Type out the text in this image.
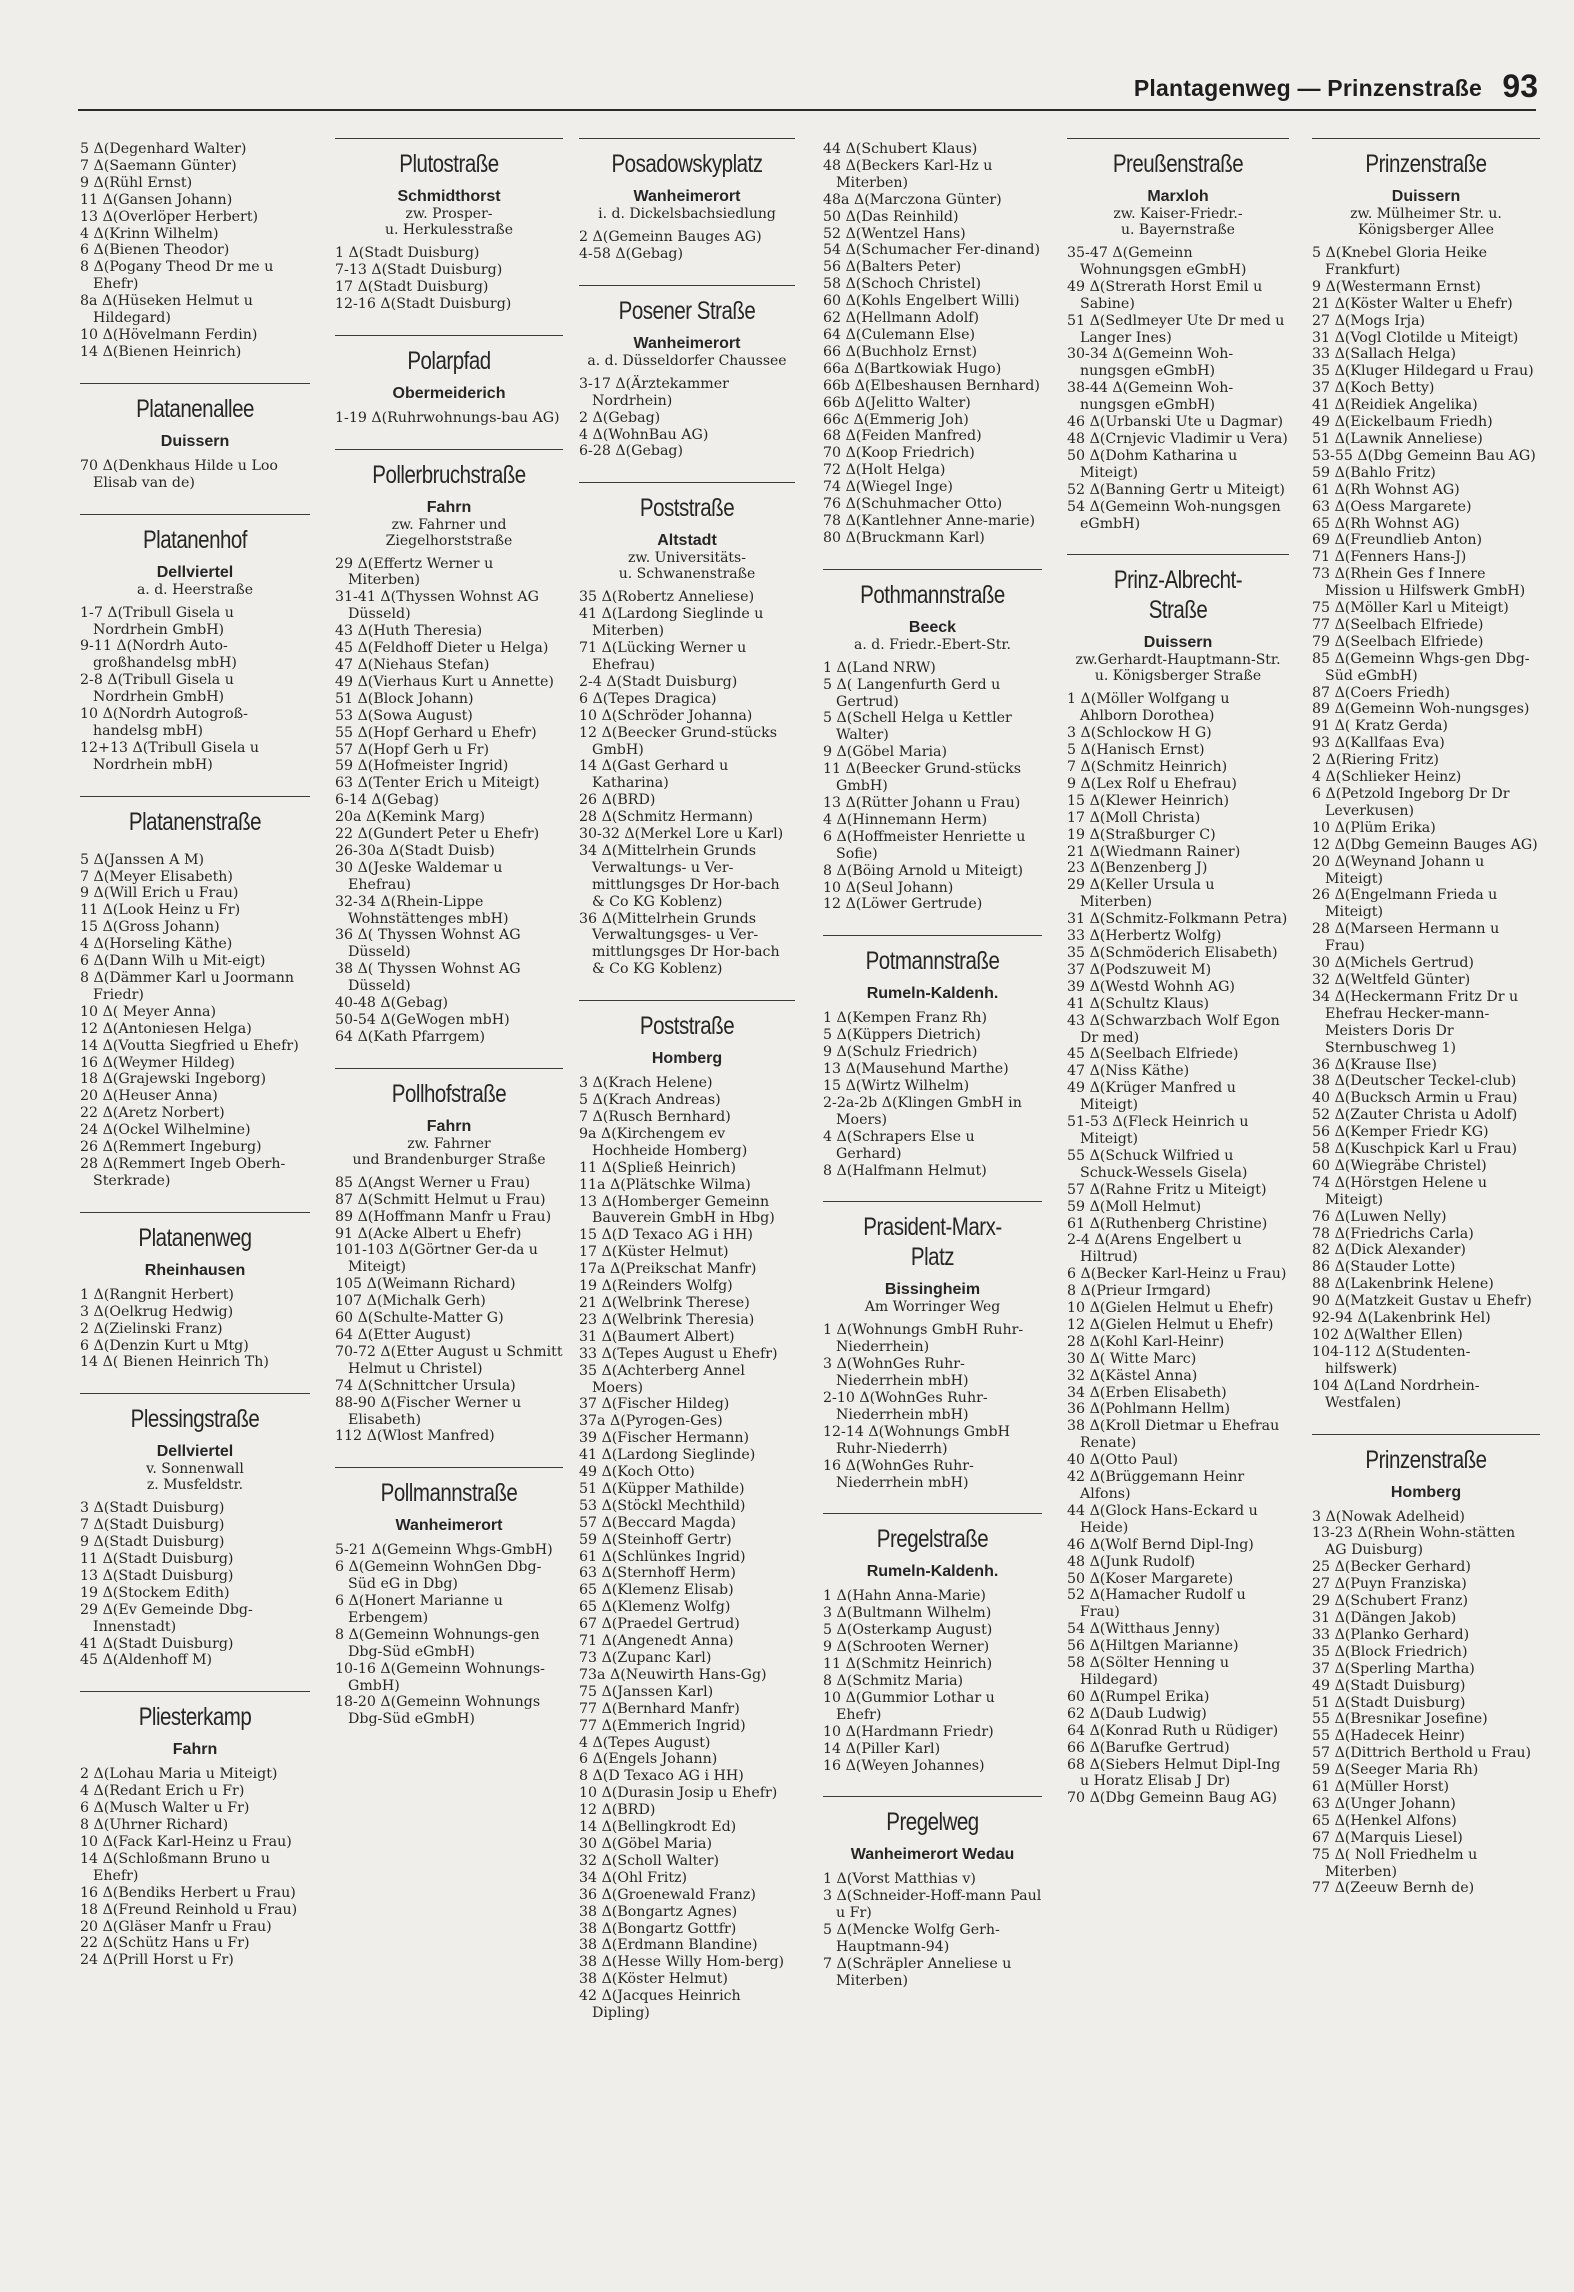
Plantagenweg — Prinzenstraße 93
5 Δ(Degenhard Walter)
7 Δ(Saemann Günter)
9 Δ(Rühl Ernst)
11 Δ(Gansen Johann)
13 Δ(Overlöper Herbert)
4 Δ(Krinn Wilhelm)
6 Δ(Bienen Theodor)
8 Δ(Pogany Theod Dr me u Ehefr)
8a Δ(Hüseken Helmut u Hildegard)
10 Δ(Hövelmann Ferdin)
14 Δ(Bienen Heinrich)
Platanenallee
Duissern
70 Δ(Denkhaus Hilde u Loo Elisab van de)
Platanenhof
Dellviertel
a. d. Heerstraße
1-7 Δ(Tribull Gisela u Nordrhein GmbH)
9-11 Δ(Nordrh Auto-großhandelsg mbH)
2-8 Δ(Tribull Gisela u Nordrhein GmbH)
10 Δ(Nordrh Autogroß-handelsg mbH)
12+13 Δ(Tribull Gisela u Nordrhein mbH)
Platanenstraße
5 Δ(Janssen A M)
7 Δ(Meyer Elisabeth)
9 Δ(Will Erich u Frau)
11 Δ(Look Heinz u Fr)
15 Δ(Gross Johann)
4 Δ(Horseling Käthe)
6 Δ(Dann Wilh u Mit-eigt)
8 Δ(Dämmer Karl u Joormann Friedr)
10 Δ( Meyer Anna)
12 Δ(Antoniesen Helga)
14 Δ(Voutta Siegfried u Ehefr)
16 Δ(Weymer Hildeg)
18 Δ(Grajewski Ingeborg)
20 Δ(Heuser Anna)
22 Δ(Aretz Norbert)
24 Δ(Ockel Wilhelmine)
26 Δ(Remmert Ingeburg)
28 Δ(Remmert Ingeb Oberh-Sterkrade)
Platanenweg
Rheinhausen
1 Δ(Rangnit Herbert)
3 Δ(Oelkrug Hedwig)
2 Δ(Zielinski Franz)
6 Δ(Denzin Kurt u Mtg)
14 Δ( Bienen Heinrich Th)
Plessingstraße
Dellviertel
v. Sonnenwall
z. Musfeldstr.
3 Δ(Stadt Duisburg)
7 Δ(Stadt Duisburg)
9 Δ(Stadt Duisburg)
11 Δ(Stadt Duisburg)
13 Δ(Stadt Duisburg)
19 Δ(Stockem Edith)
29 Δ(Ev Gemeinde Dbg-Innenstadt)
41 Δ(Stadt Duisburg)
45 Δ(Aldenhoff M)
Pliesterkamp
Fahrn
2 Δ(Lohau Maria u Miteigt)
4 Δ(Redant Erich u Fr)
6 Δ(Musch Walter u Fr)
8 Δ(Uhrner Richard)
10 Δ(Fack Karl-Heinz u Frau)
14 Δ(Schloßmann Bruno u Ehefr)
16 Δ(Bendiks Herbert u Frau)
18 Δ(Freund Reinhold u Frau)
20 Δ(Gläser Manfr u Frau)
22 Δ(Schütz Hans u Fr)
24 Δ(Prill Horst u Fr)
Plutostraße
Schmidthorst
zw. Prosper-
u. Herkulesstraße
1 Δ(Stadt Duisburg)
7-13 Δ(Stadt Duisburg)
17 Δ(Stadt Duisburg)
12-16 Δ(Stadt Duisburg)
Polarpfad
Obermeiderich
1-19 Δ(Ruhrwohnungs-bau AG)
Pollerbruchstraße
Fahrn
zw. Fahrner und
Ziegelhorststraße
29 Δ(Effertz Werner u Miterben)
31-41 Δ(Thyssen Wohnst AG Düsseld)
43 Δ(Huth Theresia)
45 Δ(Feldhoff Dieter u Helga)
47 Δ(Niehaus Stefan)
49 Δ(Vierhaus Kurt u Annette)
51 Δ(Block Johann)
53 Δ(Sowa August)
55 Δ(Hopf Gerhard u Ehefr)
57 Δ(Hopf Gerh u Fr)
59 Δ(Hofmeister Ingrid)
63 Δ(Tenter Erich u Miteigt)
6-14 Δ(Gebag)
20a Δ(Kemink Marg)
22 Δ(Gundert Peter u Ehefr)
26-30a Δ(Stadt Duisb)
30 Δ(Jeske Waldemar u Ehefrau)
32-34 Δ(Rhein-Lippe Wohnstättenges mbH)
36 Δ( Thyssen Wohnst AG Düsseld)
38 Δ( Thyssen Wohnst AG Düsseld)
40-48 Δ(Gebag)
50-54 Δ(GeWogen mbH)
64 Δ(Kath Pfarrgem)
Pollhofstraße
Fahrn
zw. Fahrner
und Brandenburger Straße
85 Δ(Angst Werner u Frau)
87 Δ(Schmitt Helmut u Frau)
89 Δ(Hoffmann Manfr u Frau)
91 Δ(Acke Albert u Ehefr)
101-103 Δ(Görtner Ger-da u Miteigt)
105 Δ(Weimann Richard)
107 Δ(Michalk Gerh)
60 Δ(Schulte-Matter G)
64 Δ(Etter August)
70-72 Δ(Etter August u Schmitt Helmut u Christel)
74 Δ(Schnittcher Ursula)
88-90 Δ(Fischer Werner u Elisabeth)
112 Δ(Wlost Manfred)
Pollmannstraße
Wanheimerort
5-21 Δ(Gemeinn Whgs-GmbH)
6 Δ(Gemeinn WohnGen Dbg-Süd eG in Dbg)
6 Δ(Honert Marianne u Erbengem)
8 Δ(Gemeinn Wohnungs-gen Dbg-Süd eGmbH)
10-16 Δ(Gemeinn Wohnungs-GmbH)
18-20 Δ(Gemeinn Wohnungs Dbg-Süd eGmbH)
Posadowskyplatz
Wanheimerort
i. d. Dickelsbachsiedlung
2 Δ(Gemeinn Bauges AG)
4-58 Δ(Gebag)
Posener Straße
Wanheimerort
a. d. Düsseldorfer Chaussee
3-17 Δ(Ärztekammer Nordrhein)
2 Δ(Gebag)
4 Δ(WohnBau AG)
6-28 Δ(Gebag)
Poststraße
Altstadt
zw. Universitäts-
u. Schwanenstraße
35 Δ(Robertz Anneliese)
41 Δ(Lardong Sieglinde u Miterben)
71 Δ(Lücking Werner u Ehefrau)
2-4 Δ(Stadt Duisburg)
6 Δ(Tepes Dragica)
10 Δ(Schröder Johanna)
12 Δ(Beecker Grund-stücks GmbH)
14 Δ(Gast Gerhard u Katharina)
26 Δ(BRD)
28 Δ(Schmitz Hermann)
30-32 Δ(Merkel Lore u Karl)
34 Δ(Mittelrhein Grunds Verwaltungs- u Ver-mittlungsges Dr Hor-bach & Co KG Koblenz)
36 Δ(Mittelrhein Grunds Verwaltungsges- u Ver-mittlungsges Dr Hor-bach & Co KG Koblenz)
Poststraße
Homberg
3 Δ(Krach Helene)
5 Δ(Krach Andreas)
7 Δ(Rusch Bernhard)
9a Δ(Kirchengem ev Hochheide Homberg)
11 Δ(Spließ Heinrich)
11a Δ(Plätschke Wilma)
13 Δ(Homberger Gemeinn Bauverein GmbH in Hbg)
15 Δ(D Texaco AG i HH)
17 Δ(Küster Helmut)
17a Δ(Preikschat Manfr)
19 Δ(Reinders Wolfg)
21 Δ(Welbrink Therese)
23 Δ(Welbrink Theresia)
31 Δ(Baumert Albert)
33 Δ(Tepes August u Ehefr)
35 Δ(Achterberg Annel Moers)
37 Δ(Fischer Hildeg)
37a Δ(Pyrogen-Ges)
39 Δ(Fischer Hermann)
41 Δ(Lardong Sieglinde)
49 Δ(Koch Otto)
51 Δ(Küpper Mathilde)
53 Δ(Stöckl Mechthild)
57 Δ(Beccard Magda)
59 Δ(Steinhoff Gertr)
61 Δ(Schlünkes Ingrid)
63 Δ(Sternhoff Herm)
65 Δ(Klemenz Elisab)
65 Δ(Klemenz Wolfg)
67 Δ(Praedel Gertrud)
71 Δ(Angenedt Anna)
73 Δ(Zupanc Karl)
73a Δ(Neuwirth Hans-Gg)
75 Δ(Janssen Karl)
77 Δ(Bernhard Manfr)
77 Δ(Emmerich Ingrid)
4 Δ(Tepes August)
6 Δ(Engels Johann)
8 Δ(D Texaco AG i HH)
10 Δ(Durasin Josip u Ehefr)
12 Δ(BRD)
14 Δ(Bellingkrodt Ed)
30 Δ(Göbel Maria)
32 Δ(Scholl Walter)
34 Δ(Ohl Fritz)
36 Δ(Groenewald Franz)
38 Δ(Bongartz Agnes)
38 Δ(Bongartz Gottfr)
38 Δ(Erdmann Blandine)
38 Δ(Hesse Willy Hom-berg)
38 Δ(Köster Helmut)
42 Δ(Jacques Heinrich Dipling)
44 Δ(Schubert Klaus)
48 Δ(Beckers Karl-Hz u Miterben)
48a Δ(Marczona Günter)
50 Δ(Das Reinhild)
52 Δ(Wentzel Hans)
54 Δ(Schumacher Fer-dinand)
56 Δ(Balters Peter)
58 Δ(Schoch Christel)
60 Δ(Kohls Engelbert Willi)
62 Δ(Hellmann Adolf)
64 Δ(Culemann Else)
66 Δ(Buchholz Ernst)
66a Δ(Bartkowiak Hugo)
66b Δ(Elbeshausen Bernhard)
66b Δ(Jelitto Walter)
66c Δ(Emmerig Joh)
68 Δ(Feiden Manfred)
70 Δ(Koop Friedrich)
72 Δ(Holt Helga)
74 Δ(Wiegel Inge)
76 Δ(Schuhmacher Otto)
78 Δ(Kantlehner Anne-marie)
80 Δ(Bruckmann Karl)
Pothmannstraße
Beeck
a. d. Friedr.-Ebert-Str.
1 Δ(Land NRW)
5 Δ( Langenfurth Gerd u Gertrud)
5 Δ(Schell Helga u Kettler Walter)
9 Δ(Göbel Maria)
11 Δ(Beecker Grund-stücks GmbH)
13 Δ(Rütter Johann u Frau)
4 Δ(Hinnemann Herm)
6 Δ(Hoffmeister Henriette u Sofie)
8 Δ(Böing Arnold u Miteigt)
10 Δ(Seul Johann)
12 Δ(Löwer Gertrude)
Potmannstraße
Rumeln-Kaldenh.
1 Δ(Kempen Franz Rh)
5 Δ(Küppers Dietrich)
9 Δ(Schulz Friedrich)
13 Δ(Mausehund Marthe)
15 Δ(Wirtz Wilhelm)
2-2a-2b Δ(Klingen GmbH in Moers)
4 Δ(Schrapers Else u Gerhard)
8 Δ(Halfmann Helmut)
Prasident-Marx-Platz
Bissingheim
Am Worringer Weg
1 Δ(Wohnungs GmbH Ruhr-Niederrhein)
3 Δ(WohnGes Ruhr-Niederrhein mbH)
2-10 Δ(WohnGes Ruhr-Niederrhein mbH)
12-14 Δ(Wohnungs GmbH Ruhr-Niederrh)
16 Δ(WohnGes Ruhr-Niederrhein mbH)
Pregelstraße
Rumeln-Kaldenh.
1 Δ(Hahn Anna-Marie)
3 Δ(Bultmann Wilhelm)
5 Δ(Osterkamp August)
9 Δ(Schrooten Werner)
11 Δ(Schmitz Heinrich)
8 Δ(Schmitz Maria)
10 Δ(Gummior Lothar u Ehefr)
10 Δ(Hardmann Friedr)
14 Δ(Piller Karl)
16 Δ(Weyen Johannes)
Pregelweg
Wanheimerort Wedau
1 Δ(Vorst Matthias v)
3 Δ(Schneider-Hoff-mann Paul u Fr)
5 Δ(Mencke Wolfg Gerh-Hauptmann-94)
7 Δ(Schräpler Anneliese u Miterben)
Preußenstraße
Marxloh
zw. Kaiser-Friedr.-
u. Bayernstraße
35-47 Δ(Gemeinn Wohnungsgen eGmbH)
49 Δ(Strerath Horst Emil u Sabine)
51 Δ(Sedlmeyer Ute Dr med u Langer Ines)
30-34 Δ(Gemeinn Woh-nungsgen eGmbH)
38-44 Δ(Gemeinn Woh-nungsgen eGmbH)
46 Δ(Urbanski Ute u Dagmar)
48 Δ(Crnjevic Vladimir u Vera)
50 Δ(Dohm Katharina u Miteigt)
52 Δ(Banning Gertr u Miteigt)
54 Δ(Gemeinn Woh-nungsgen eGmbH)
Prinz-Albrecht-Straße
Duissern
zw.Gerhardt-Hauptmann-Str.
u. Königsberger Straße
1 Δ(Möller Wolfgang u Ahlborn Dorothea)
3 Δ(Schlockow H G)
5 Δ(Hanisch Ernst)
7 Δ(Schmitz Heinrich)
9 Δ(Lex Rolf u Ehefrau)
15 Δ(Klewer Heinrich)
17 Δ(Moll Christa)
19 Δ(Straßburger C)
21 Δ(Wiedmann Rainer)
23 Δ(Benzenberg J)
29 Δ(Keller Ursula u Miterben)
31 Δ(Schmitz-Folkmann Petra)
33 Δ(Herbertz Wolfg)
35 Δ(Schmöderich Elisabeth)
37 Δ(Podszuweit M)
39 Δ(Westd Wohnh AG)
41 Δ(Schultz Klaus)
43 Δ(Schwarzbach Wolf Egon Dr med)
45 Δ(Seelbach Elfriede)
47 Δ(Niss Käthe)
49 Δ(Krüger Manfred u Miteigt)
51-53 Δ(Fleck Heinrich u Miteigt)
55 Δ(Schuck Wilfried u Schuck-Wessels Gisela)
57 Δ(Rahne Fritz u Miteigt)
59 Δ(Moll Helmut)
61 Δ(Ruthenberg Christine)
2-4 Δ(Arens Engelbert u Hiltrud)
6 Δ(Becker Karl-Heinz u Frau)
8 Δ(Prieur Irmgard)
10 Δ(Gielen Helmut u Ehefr)
12 Δ(Gielen Helmut u Ehefr)
28 Δ(Kohl Karl-Heinr)
30 Δ( Witte Marc)
32 Δ(Kästel Anna)
34 Δ(Erben Elisabeth)
36 Δ(Pohlmann Hellm)
38 Δ(Kroll Dietmar u Ehefrau Renate)
40 Δ(Otto Paul)
42 Δ(Brüggemann Heinr Alfons)
44 Δ(Glock Hans-Eckard u Heide)
46 Δ(Wolf Bernd Dipl-Ing)
48 Δ(Junk Rudolf)
50 Δ(Koser Margarete)
52 Δ(Hamacher Rudolf u Frau)
54 Δ(Witthaus Jenny)
56 Δ(Hiltgen Marianne)
58 Δ(Sölter Henning u Hildegard)
60 Δ(Rumpel Erika)
62 Δ(Daub Ludwig)
64 Δ(Konrad Ruth u Rüdiger)
66 Δ(Barufke Gertrud)
68 Δ(Siebers Helmut Dipl-Ing u Horatz Elisab J Dr)
70 Δ(Dbg Gemeinn Baug AG)
Prinzenstraße
Duissern
zw. Mülheimer Str. u.
Königsberger Allee
5 Δ(Knebel Gloria Heike Frankfurt)
9 Δ(Westermann Ernst)
21 Δ(Köster Walter u Ehefr)
27 Δ(Mogs Irja)
31 Δ(Vogl Clotilde u Miteigt)
33 Δ(Sallach Helga)
35 Δ(Kluger Hildegard u Frau)
37 Δ(Koch Betty)
41 Δ(Reidiek Angelika)
49 Δ(Eickelbaum Friedh)
51 Δ(Lawnik Anneliese)
53-55 Δ(Dbg Gemeinn Bau AG)
59 Δ(Bahlo Fritz)
61 Δ(Rh Wohnst AG)
63 Δ(Oess Margarete)
65 Δ(Rh Wohnst AG)
69 Δ(Freundlieb Anton)
71 Δ(Fenners Hans-J)
73 Δ(Rhein Ges f Innere Mission u Hilfswerk GmbH)
75 Δ(Möller Karl u Miteigt)
77 Δ(Seelbach Elfriede)
79 Δ(Seelbach Elfriede)
85 Δ(Gemeinn Whgs-gen Dbg-Süd eGmbH)
87 Δ(Coers Friedh)
89 Δ(Gemeinn Woh-nungsges)
91 Δ( Kratz Gerda)
93 Δ(Kallfaas Eva)
2 Δ(Riering Fritz)
4 Δ(Schlieker Heinz)
6 Δ(Petzold Ingeborg Dr Dr Leverkusen)
10 Δ(Plüm Erika)
12 Δ(Dbg Gemeinn Bauges AG)
20 Δ(Weynand Johann u Miteigt)
26 Δ(Engelmann Frieda u Miteigt)
28 Δ(Marseen Hermann u Frau)
30 Δ(Michels Gertrud)
32 Δ(Weltfeld Günter)
34 Δ(Heckermann Fritz Dr u Ehefrau Hecker-mann-Meisters Doris Dr Sternbuschweg 1)
36 Δ(Krause Ilse)
38 Δ(Deutscher Teckel-club)
40 Δ(Bucksch Armin u Frau)
52 Δ(Zauter Christa u Adolf)
56 Δ(Kemper Friedr KG)
58 Δ(Kuschpick Karl u Frau)
60 Δ(Wiegräbe Christel)
74 Δ(Hörstgen Helene u Miteigt)
76 Δ(Luwen Nelly)
78 Δ(Friedrichs Carla)
82 Δ(Dick Alexander)
86 Δ(Stauder Lotte)
88 Δ(Lakenbrink Helene)
90 Δ(Matzkeit Gustav u Ehefr)
92-94 Δ(Lakenbrink Hel)
102 Δ(Walther Ellen)
104-112 Δ(Studenten-hilfswerk)
104 Δ(Land Nordrhein-Westfalen)
Prinzenstraße
Homberg
3 Δ(Nowak Adelheid)
13-23 Δ(Rhein Wohn-stätten AG Duisburg)
25 Δ(Becker Gerhard)
27 Δ(Puyn Franziska)
29 Δ(Schubert Franz)
31 Δ(Dängen Jakob)
33 Δ(Planko Gerhard)
35 Δ(Block Friedrich)
37 Δ(Sperling Martha)
49 Δ(Stadt Duisburg)
51 Δ(Stadt Duisburg)
55 Δ(Bresnikar Josefine)
55 Δ(Hadecek Heinr)
57 Δ(Dittrich Berthold u Frau)
59 Δ(Seeger Maria Rh)
61 Δ(Müller Horst)
63 Δ(Unger Johann)
65 Δ(Henkel Alfons)
67 Δ(Marquis Liesel)
75 Δ( Noll Friedhelm u Miterben)
77 Δ(Zeeuw Bernh de)
